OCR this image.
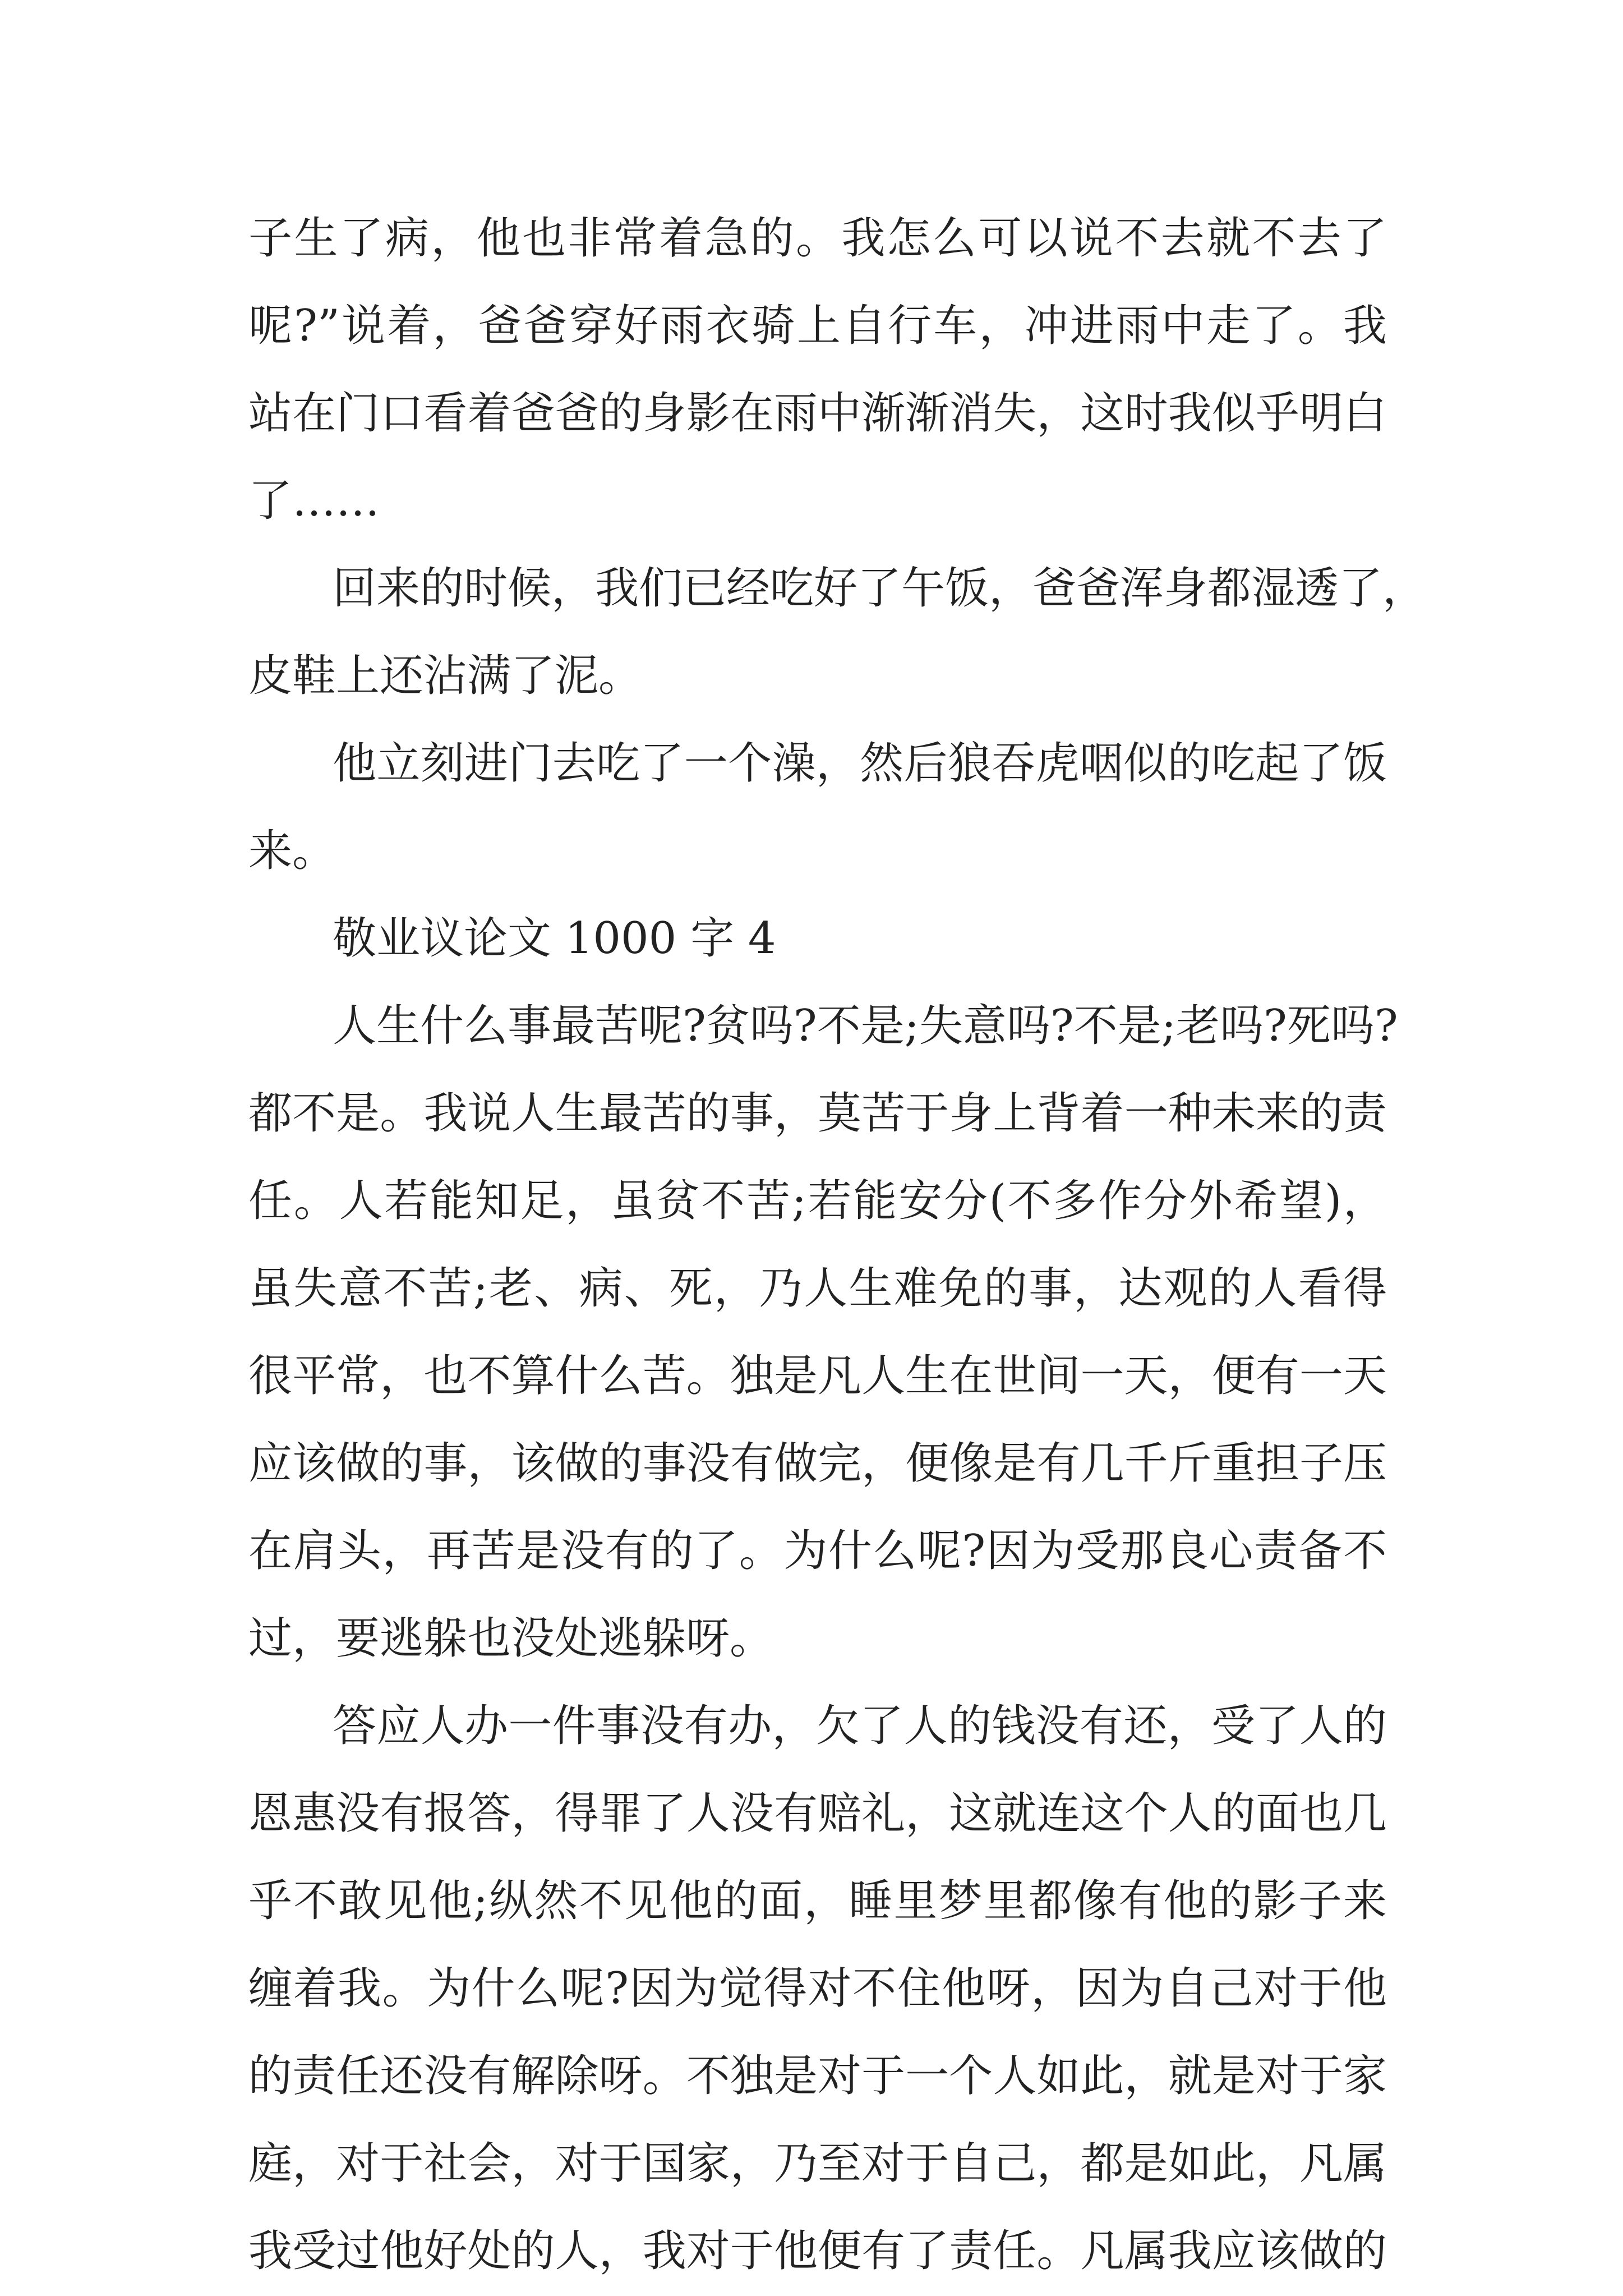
子生了病，他也非常着急的。我怎么可以说不去就不去了
呢?”说着，爸爸穿好雨衣骑上自行车，冲进雨中走了。我
站在门口看着爸爸的身影在雨中渐渐消失，这时我似乎明白
了……
回来的时候，我们已经吃好了午饭，爸爸浑身都湿透了，
皮鞋上还沾满了泥。
他立刻进门去吃了一个澡，然后狼吞虎咽似的吃起了饭
来。
敬业议论文 1000 字 4
人生什么事最苦呢?贫吗?不是;失意吗?不是;老吗?死吗?
都不是。我说人生最苦的事，莫苦于身上背着一种未来的责
任。人若能知足，虽贫不苦;若能安分(不多作分外希望)，
虽失意不苦;老、病、死，乃人生难免的事，达观的人看得
很平常，也不算什么苦。独是凡人生在世间一天，便有一天
应该做的事，该做的事没有做完，便像是有几千斤重担子压
在肩头，再苦是没有的了。为什么呢?因为受那良心责备不
过，要逃躲也没处逃躲呀。
答应人办一件事没有办，欠了人的钱没有还，受了人的
恩惠没有报答，得罪了人没有赔礼，这就连这个人的面也几
乎不敢见他;纵然不见他的面，睡里梦里都像有他的影子来
缠着我。为什么呢?因为觉得对不住他呀，因为自己对于他
的责任还没有解除呀。不独是对于一个人如此，就是对于家
庭，对于社会，对于国家，乃至对于自己，都是如此，凡属
我受过他好处的人，我对于他便有了责任。凡属我应该做的
